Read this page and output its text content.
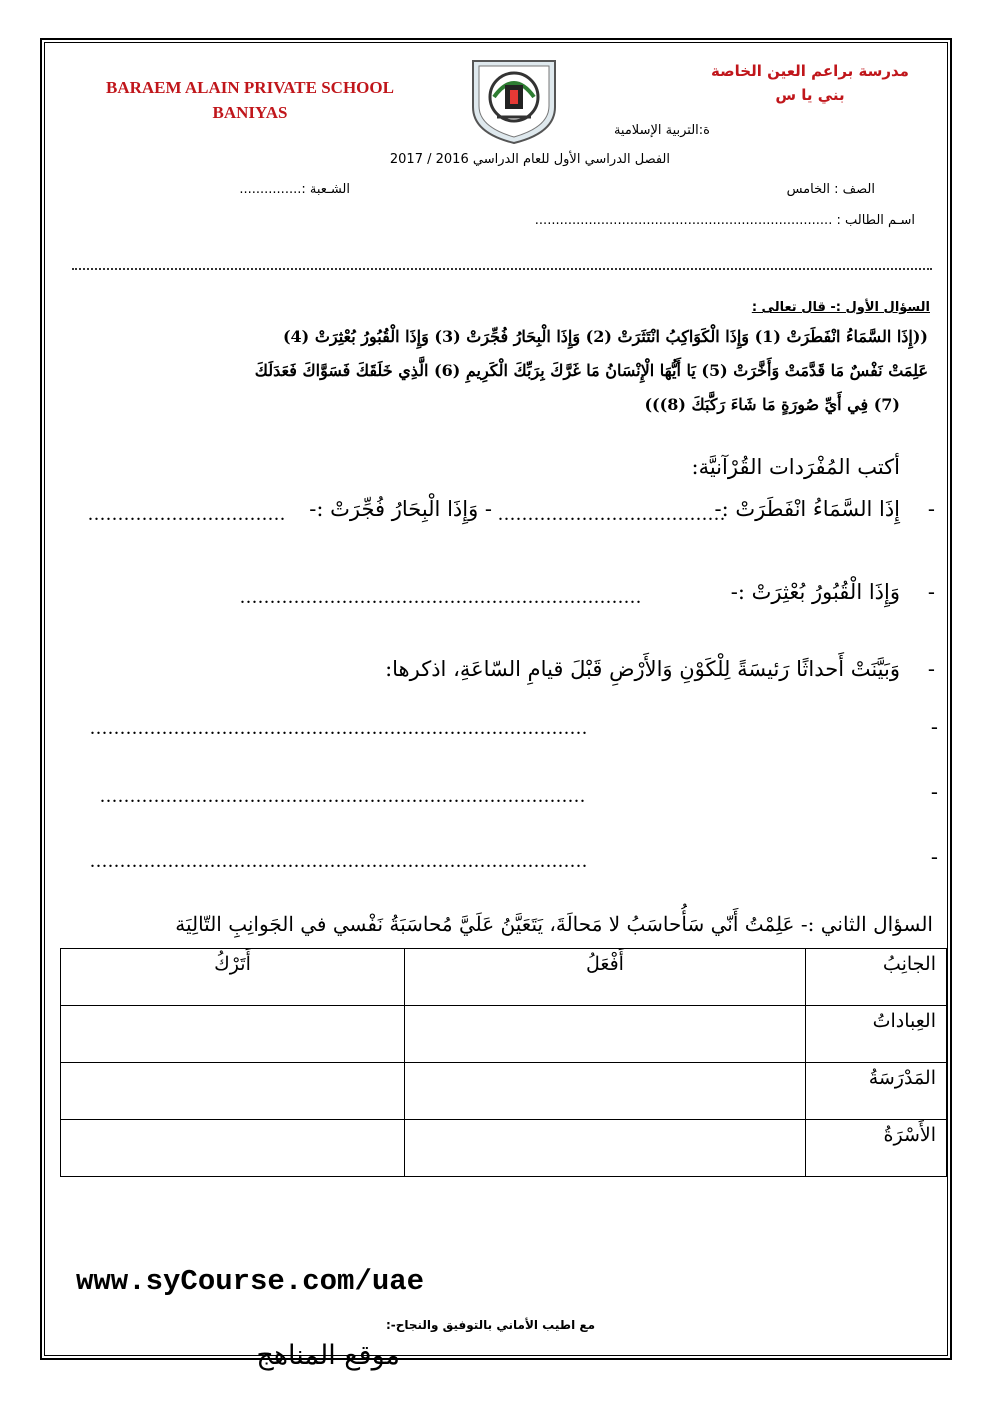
BARAEM ALAIN PRIVATE SCHOOL
BANIYAS
مدرسة براعم العين الخاصة
بني يا س
ة:التربية الإسلامية
الفصل الدراسي الأول للعام الدراسي 2016 / 2017
الصف : الخامس
الشـعبة :...............
اسـم الطالب : ........................................................................
السؤال الأول :- قال تعالى :
((إِذَا السَّمَاءُ انْفَطَرَتْ (1) وَإِذَا الْكَوَاكِبُ انْتَثَرَتْ (2) وَإِذَا الْبِحَارُ فُجِّرَتْ (3) وَإِذَا الْقُبُورُ بُعْثِرَتْ (4)
عَلِمَتْ نَفْسٌ مَا قَدَّمَتْ وَأَخَّرَتْ (5) يَا أَيُّهَا الْإِنْسَانُ مَا غَرَّكَ بِرَبِّكَ الْكَرِيمِ (6) الَّذِي خَلَقَكَ فَسَوَّاكَ فَعَدَلَكَ
(7) فِي أَيِّ صُورَةٍ مَا شَاءَ رَكَّبَكَ (8)))
أكتب المُفْرَدات القُرْآنيَّة:
-
إِذَا السَّمَاءُ انْفَطَرَتْ :-
......................................
- وَإِذَا الْبِحَارُ فُجِّرَتْ :-
.................................
-
وَإِذَا الْقُبُورُ بُعْثِرَتْ :-
...................................................................
-
وَبَيَّنَتْ أَحداثًا رَئيسَةً لِلْكَوْنِ وَالأَرْضِ قَبْلَ قيامِ السّاعَةِ، اذكرها:
-
...................................................................................
-
.................................................................................
-
...................................................................................
السؤال الثاني :- عَلِمْتُ أَنّي سَأُحاسَبُ لا مَحالَةَ، يَتَعَيَّنُ عَلَيَّ مُحاسَبَةُ نَفْسي في الجَوانِبِ التّالِيَة
الجانِبُ	أَفْعَلُ	أَتَرْكُ
العِباداتُ		
المَدْرَسَةُ		
الأَسْرَةُ		
www.syCourse.com/uae
مع اطيب الأماني بالتوفيق والنجاح-:
موقع المناهج
